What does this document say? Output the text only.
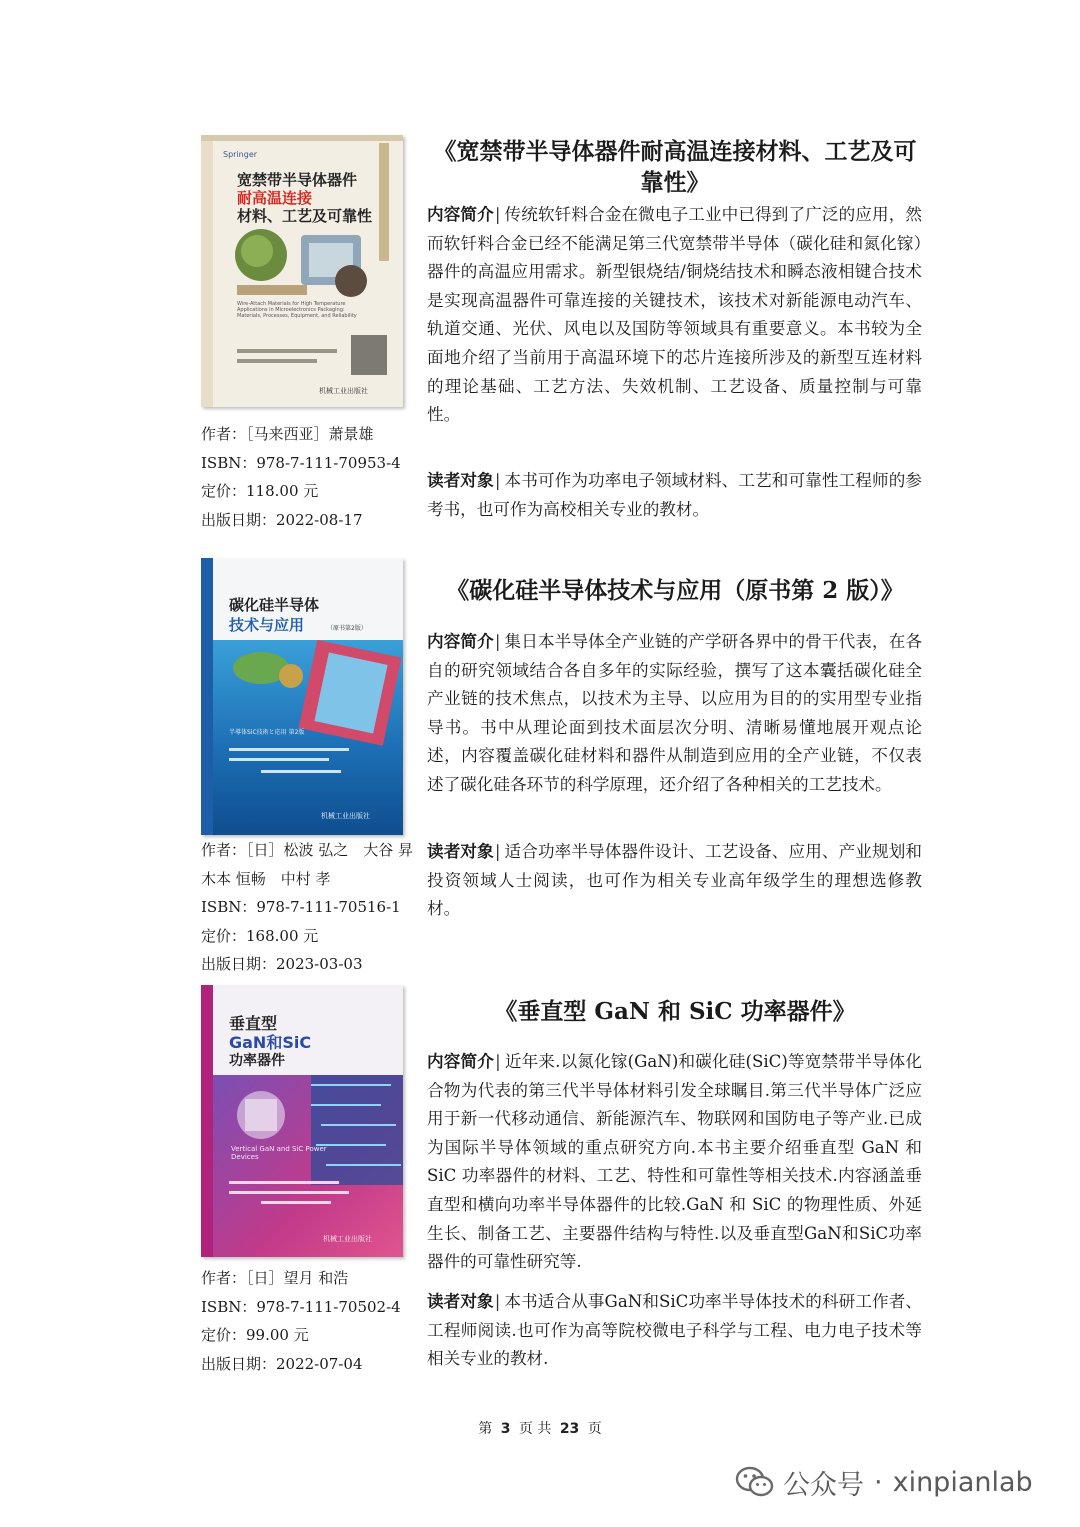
Springer
宽禁带半导体器件
耐高温连接
材料、工艺及可靠性
Wire-Attach Materials for High Temperature Applications in Microelectronics Packaging: Materials, Processes, Equipment, and Reliability
机械工业出版社
作者：［马来西亚］萧景雄
ISBN：978-7-111-70953-4
定价：118.00 元
出版日期：2022-08-17
《宽禁带半导体器件耐高温连接材料、工艺及可靠性》
内容简介| 传统软钎料合金在微电子工业中已得到了广泛的应用，然而软钎料合金已经不能满足第三代宽禁带半导体（碳化硅和氮化镓）器件的高温应用需求。新型银烧结/铜烧结技术和瞬态液相键合技术是实现高温器件可靠连接的关键技术，该技术对新能源电动汽车、轨道交通、光伏、风电以及国防等领域具有重要意义。本书较为全面地介绍了当前用于高温环境下的芯片连接所涉及的新型互连材料的理论基础、工艺方法、失效机制、工艺设备、质量控制与可靠性。
读者对象| 本书可作为功率电子领域材料、工艺和可靠性工程师的参考书，也可作为高校相关专业的教材。
碳化硅半导体
技术与应用	（原书第2版）
半導体SiC技術と応用 第2版
机械工业出版社
作者：［日］松波 弘之　大谷 昇　木本 恒畅　中村 孝
ISBN：978-7-111-70516-1
定价：168.00 元
出版日期：2023-03-03
《碳化硅半导体技术与应用（原书第 2 版）》
内容简介| 集日本半导体全产业链的产学研各界中的骨干代表，在各自的研究领域结合各自多年的实际经验，撰写了这本囊括碳化硅全产业链的技术焦点，以技术为主导、以应用为目的的实用型专业指导书。书中从理论面到技术面层次分明、清晰易懂地展开观点论述，内容覆盖碳化硅材料和器件从制造到应用的全产业链，不仅表述了碳化硅各环节的科学原理，还介绍了各种相关的工艺技术。
读者对象| 适合功率半导体器件设计、工艺设备、应用、产业规划和投资领域人士阅读，也可作为相关专业高年级学生的理想选修教材。
垂直型
GaN和SiC
功率器件
Vertical GaN and SiC Power Devices
机械工业出版社
作者：［日］望月 和浩
ISBN：978-7-111-70502-4
定价：99.00 元
出版日期：2022-07-04
《垂直型 GaN 和 SiC 功率器件》
内容简介| 近年来.以氮化镓(GaN)和碳化硅(SiC)等宽禁带半导体化合物为代表的第三代半导体材料引发全球瞩目.第三代半导体广泛应用于新一代移动通信、新能源汽车、物联网和国防电子等产业.已成为国际半导体领域的重点研究方向.本书主要介绍垂直型 GaN 和 SiC 功率器件的材料、工艺、特性和可靠性等相关技术.内容涵盖垂直型和横向功率半导体器件的比较.GaN 和 SiC 的物理性质、外延生长、制备工艺、主要器件结构与特性.以及垂直型GaN和SiC功率器件的可靠性研究等.
读者对象| 本书适合从事GaN和SiC功率半导体技术的科研工作者、工程师阅读.也可作为高等院校微电子科学与工程、电力电子技术等相关专业的教材.
第 3 页 共 23 页
公众号 · xinpianlab
